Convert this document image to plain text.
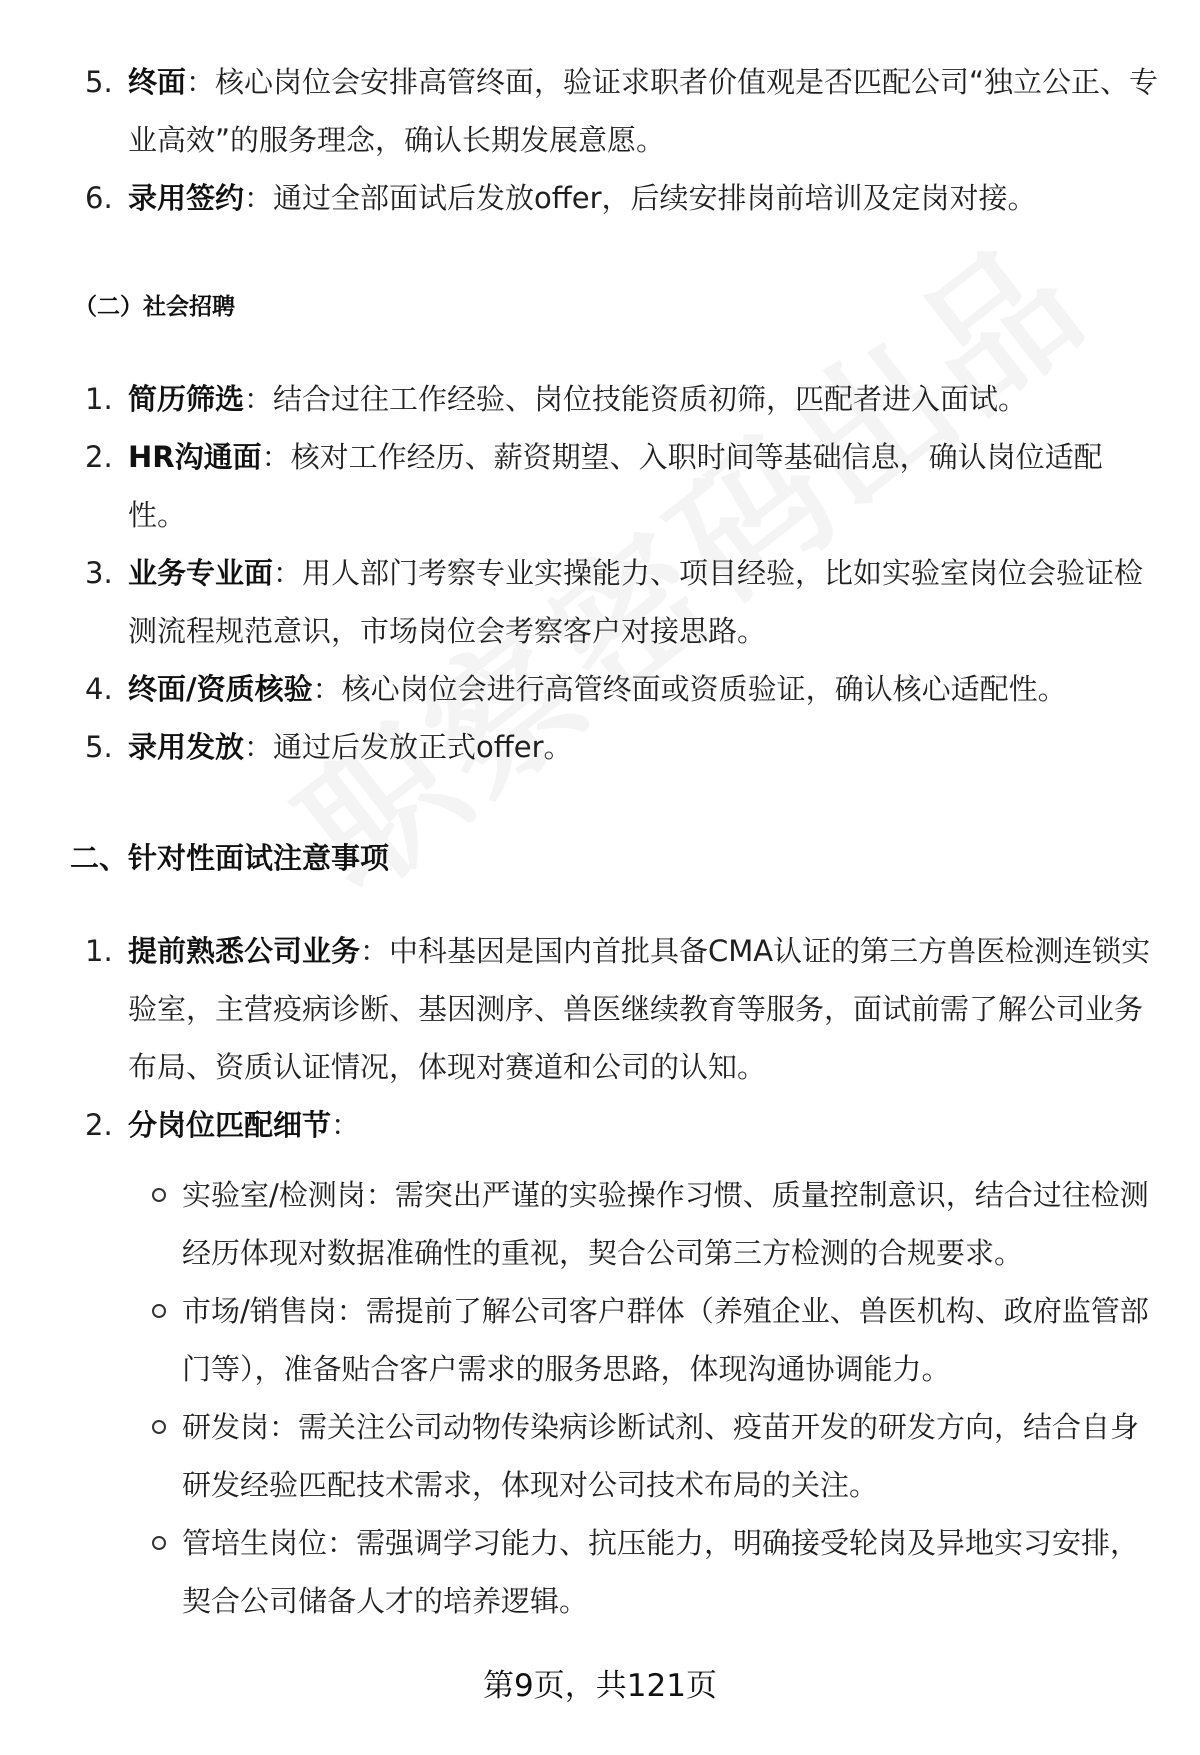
5. 终面：核心岗位会安排高管终面，验证求职者价值观是否匹配公司“独立公正、专业高效”的服务理念，确认长期发展意愿。
6. 录用签约：通过全部面试后发放offer，后续安排岗前培训及定岗对接。
（二）社会招聘
1. 简历筛选：结合过往工作经验、岗位技能资质初筛，匹配者进入面试。
2. HR沟通面：核对工作经历、薪资期望、入职时间等基础信息，确认岗位适配性。
3. 业务专业面：用人部门考察专业实操能力、项目经验，比如实验室岗位会验证检测流程规范意识，市场岗位会考察客户对接思路。
4. 终面/资质核验：核心岗位会进行高管终面或资质验证，确认核心适配性。
5. 录用发放：通过后发放正式offer。
二、针对性面试注意事项
1. 提前熟悉公司业务：中科基因是国内首批具备CMA认证的第三方兽医检测连锁实验室，主营疫病诊断、基因测序、兽医继续教育等服务，面试前需了解公司业务布局、资质认证情况，体现对赛道和公司的认知。
2. 分岗位匹配细节：
实验室/检测岗：需突出严谨的实验操作习惯、质量控制意识，结合过往检测经历体现对数据准确性的重视，契合公司第三方检测的合规要求。
市场/销售岗：需提前了解公司客户群体（养殖企业、兽医机构、政府监管部门等），准备贴合客户需求的服务思路，体现沟通协调能力。
研发岗：需关注公司动物传染病诊断试剂、疫苗开发的研发方向，结合自身研发经验匹配技术需求，体现对公司技术布局的关注。
管培生岗位：需强调学习能力、抗压能力，明确接受轮岗及异地实习安排，契合公司储备人才的培养逻辑。
第9页，共121页
